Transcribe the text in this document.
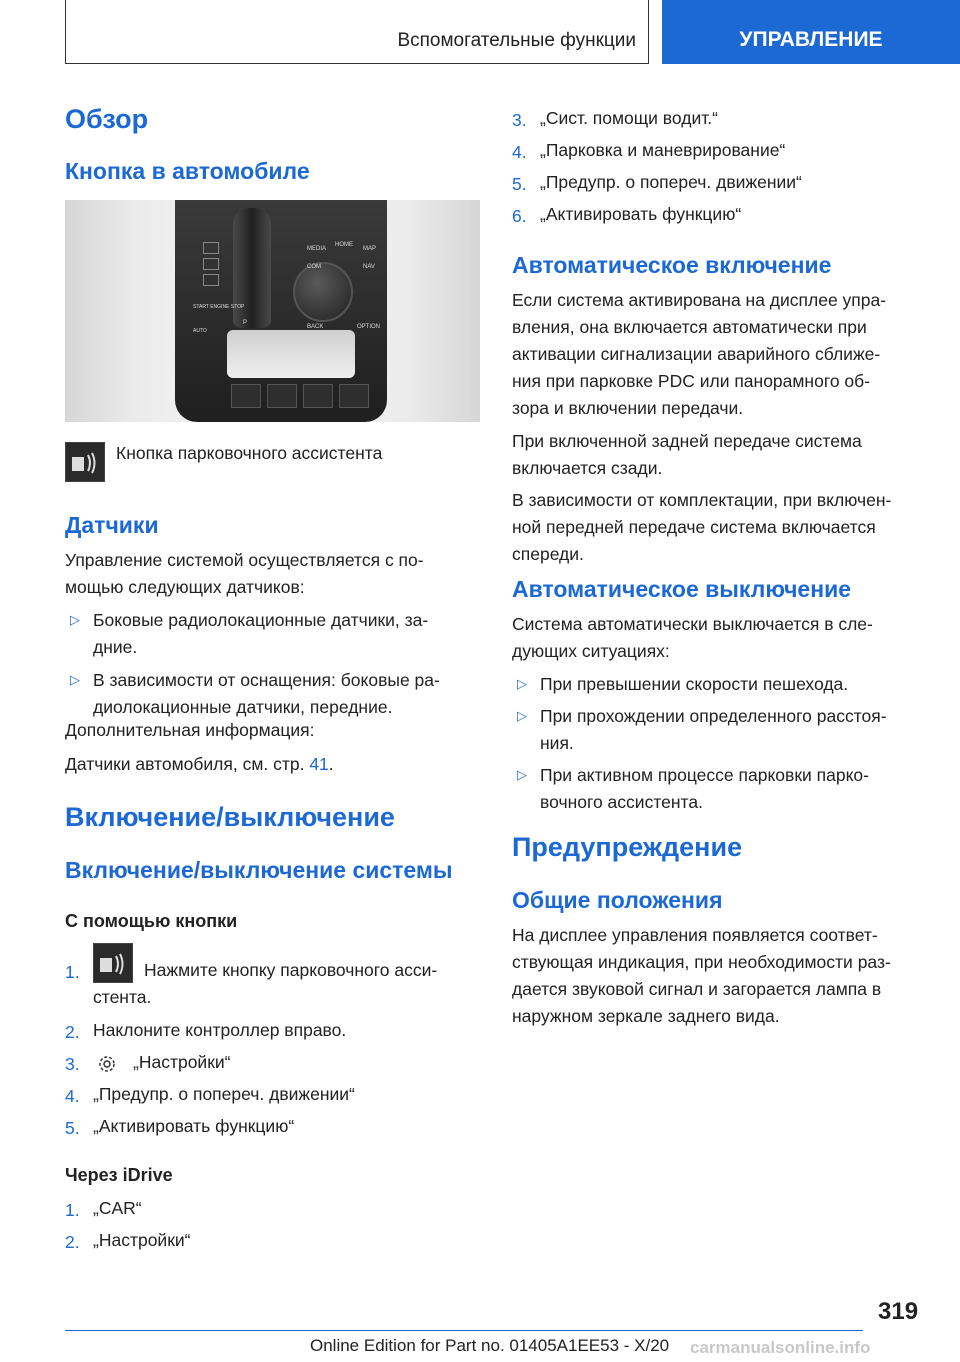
Вспомогательные функции	УПРАВЛЕНИЕ
Обзор
Кнопка в автомобиле
MEDIA
HOME
MAP
COM	NAV
BACK	OPTION
START ENGINE STOP
AUTO
P

Кнопка парковочного ассистента

Датчики

Управление системой осуществляется с по-

мощью следующих датчиков:

▷ Боковые радиолокационные датчики, за-

дние.

▷ В зависимости от оснащения: боковые ра-

диолокационные датчики, передние.

Дополнительная информация:

Датчики автомобиля, см. стр. 41.

Включение/выключение
Включение/выключение системы
С помощью кнопки
1.	Нажмите кнопку парковочного асси-

стента.

2. Наклоните контроллер вправо.

3.	„Настройки“

4. „Предупр. о попереч. движении“

5. „Активировать функцию“

Через iDrive
1. „CAR“

2. „Настройки“

3. „Сист. помощи водит.“

4. „Парковка и маневрирование“

5. „Предупр. о попереч. движении“

6. „Активировать функцию“

Автоматическое включение

Если система активирована на дисплее упра-

вления, она включается автоматически при

активации сигнализации аварийного сближе-

ния при парковке PDC или панорамного об-

зора и включении передачи.

При включенной задней передаче система

включается сзади.

В зависимости от комплектации, при включен-

ной передней передаче система включается

спереди.

Автоматическое выключение

Система автоматически выключается в сле-

дующих ситуациях:

▷ При превышении скорости пешехода.

▷ При прохождении определенного расстоя-

ния.

▷ При активном процессе парковки парко-

вочного ассистента.

Предупреждение
Общие положения

На дисплее управления появляется соответ-

ствующая индикация, при необходимости раз-

дается звуковой сигнал и загорается лампа в

наружном зеркале заднего вида.

319
Online Edition for Part no. 01405A1EE53 - X/20 carmanualsonline.info
